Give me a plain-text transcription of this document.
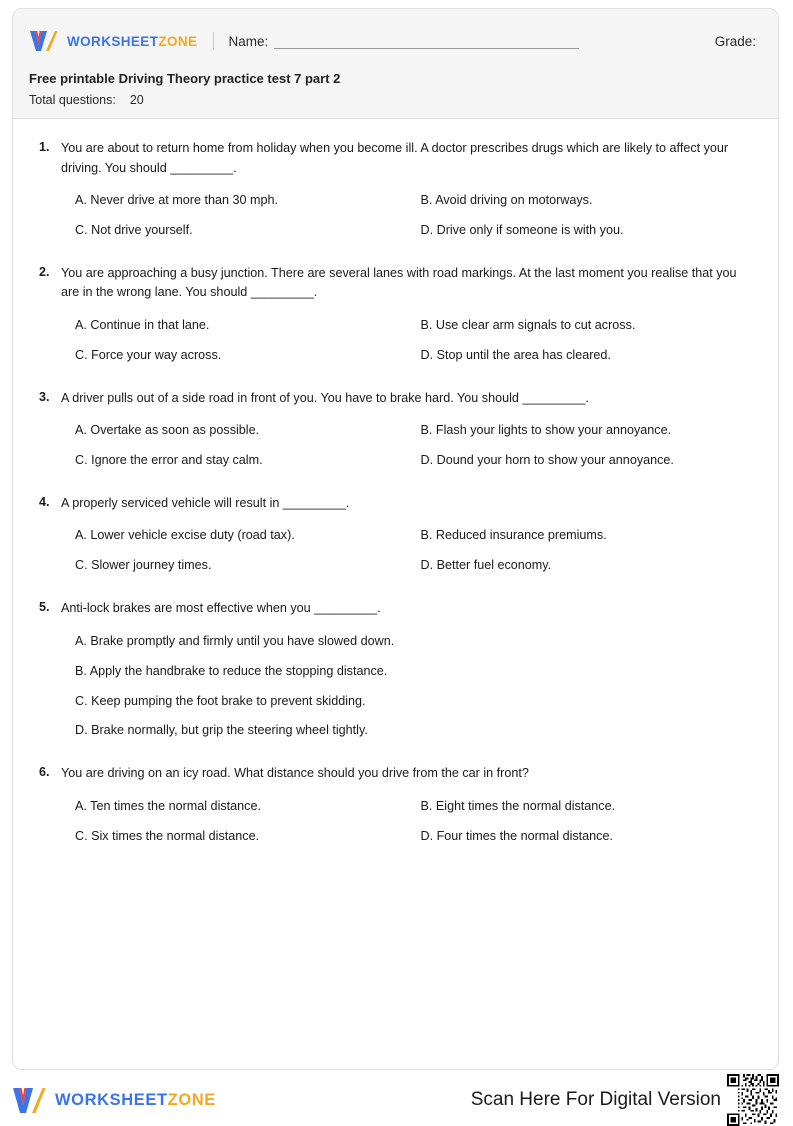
WORKSHEETZONE Name:	Grade:
Free printable Driving Theory practice test 7 part 2
Total questions: 20
1. You are about to return home from holiday when you become ill. A doctor prescribes drugs which are likely to affect your driving. You should _________.
A. Never drive at more than 30 mph.	B. Avoid driving on motorways.
C. Not drive yourself.	D. Drive only if someone is with you.
2. You are approaching a busy junction. There are several lanes with road markings. At the last moment you realise that you are in the wrong lane. You should _________.
A. Continue in that lane.	B. Use clear arm signals to cut across.
C. Force your way across.	D. Stop until the area has cleared.
3. A driver pulls out of a side road in front of you. You have to brake hard. You should _________.
A. Overtake as soon as possible.	B. Flash your lights to show your annoyance.
C. Ignore the error and stay calm.	D. Dound your horn to show your annoyance.
4. A properly serviced vehicle will result in _________.
A. Lower vehicle excise duty (road tax).	B. Reduced insurance premiums.
C. Slower journey times.	D. Better fuel economy.
5. Anti-lock brakes are most effective when you _________.
A. Brake promptly and firmly until you have slowed down.
B. Apply the handbrake to reduce the stopping distance.
C. Keep pumping the foot brake to prevent skidding.
D. Brake normally, but grip the steering wheel tightly.
6. You are driving on an icy road. What distance should you drive from the car in front?
A. Ten times the normal distance.	B. Eight times the normal distance.
C. Six times the normal distance.	D. Four times the normal distance.
WORKSHEETZONE	Scan Here For Digital Version
